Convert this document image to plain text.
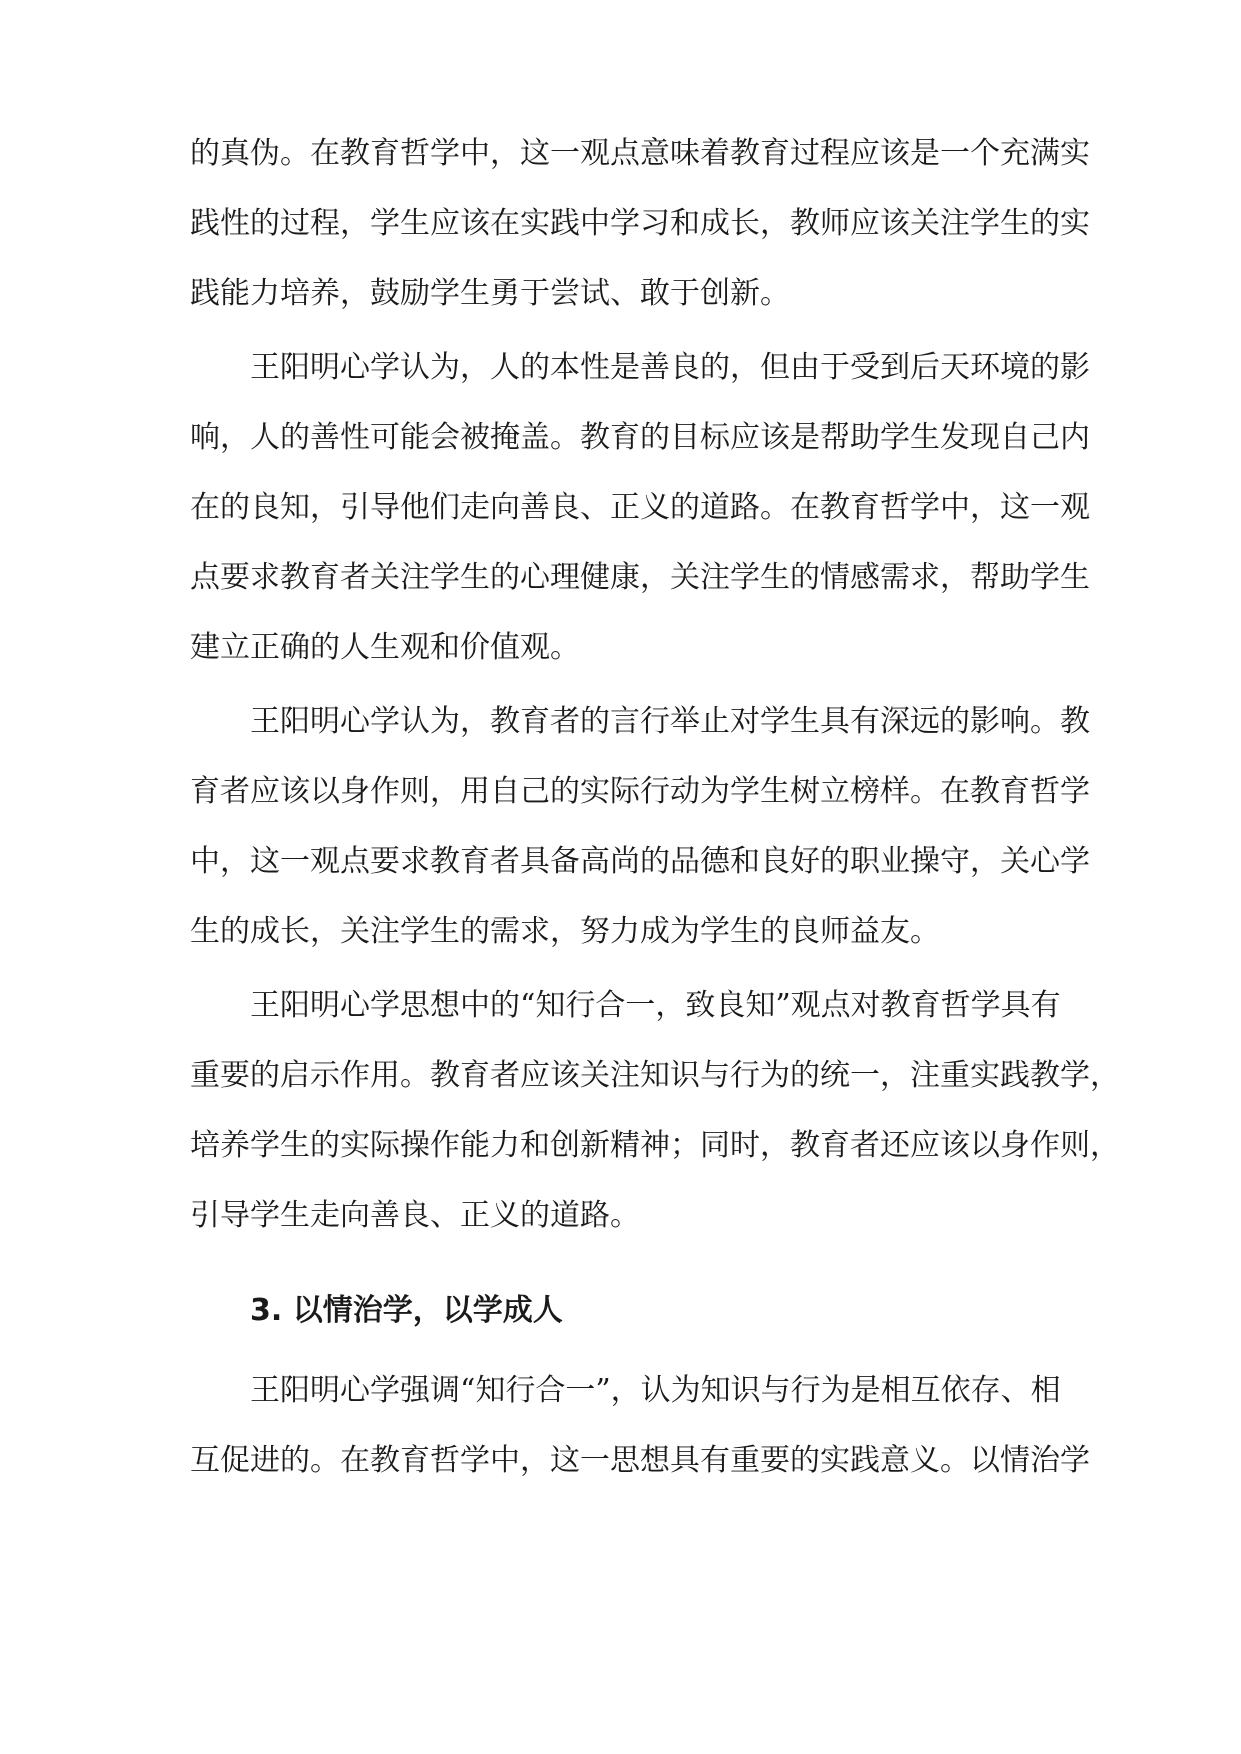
的真伪。在教育哲学中，这一观点意味着教育过程应该是一个充满实
践性的过程，学生应该在实践中学习和成长，教师应该关注学生的实
践能力培养，鼓励学生勇于尝试、敢于创新。
王阳明心学认为，人的本性是善良的，但由于受到后天环境的影
响，人的善性可能会被掩盖。教育的目标应该是帮助学生发现自己内
在的良知，引导他们走向善良、正义的道路。在教育哲学中，这一观
点要求教育者关注学生的心理健康，关注学生的情感需求，帮助学生
建立正确的人生观和价值观。
王阳明心学认为，教育者的言行举止对学生具有深远的影响。教
育者应该以身作则，用自己的实际行动为学生树立榜样。在教育哲学
中，这一观点要求教育者具备高尚的品德和良好的职业操守，关心学
生的成长，关注学生的需求，努力成为学生的良师益友。
王阳明心学思想中的“知行合一，致良知”观点对教育哲学具有
重要的启示作用。教育者应该关注知识与行为的统一，注重实践教学，
培养学生的实际操作能力和创新精神；同时，教育者还应该以身作则，
引导学生走向善良、正义的道路。
3. 以情治学，以学成人
王阳明心学强调“知行合一”，认为知识与行为是相互依存、相
互促进的。在教育哲学中，这一思想具有重要的实践意义。以情治学
